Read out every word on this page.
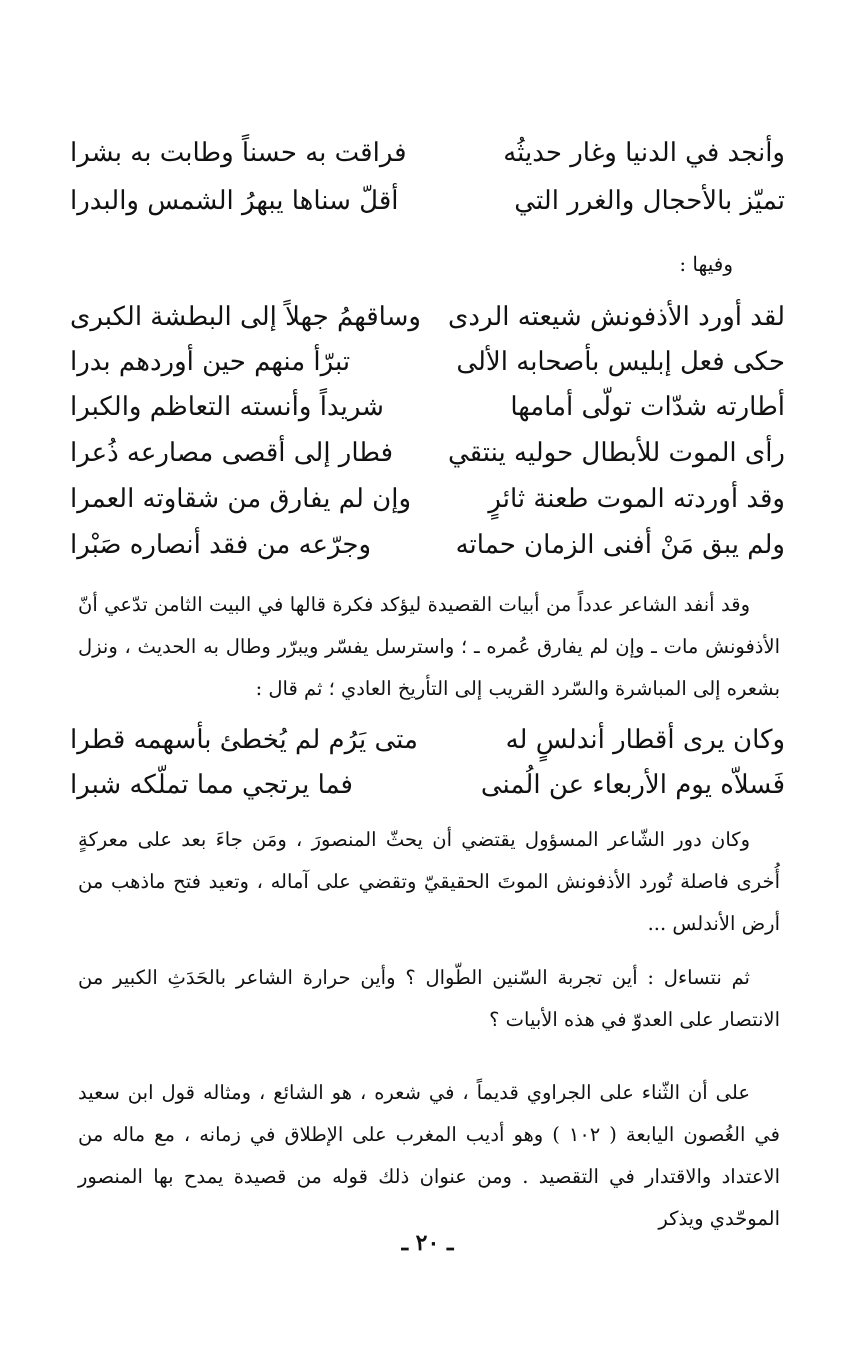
وأنجد في الدنيا وغار حديثُه
فراقت به حسناً وطابت به بشرا
تميّز بالأحجال والغرر التي
أقلّ سناها يبهرُ الشمس والبدرا
وفيها :
لقد أورد الأذفونش شيعته الردى
وساقهمُ جهلاً إلى البطشة الكبرى
حكى فعل إبليس بأصحابه الألى
تبرّأ منهم حين أوردهم بدرا
أطارته شدّات تولّى أمامها
شريداً وأنسته التعاظم والكبرا
رأى الموت للأبطال حوليه ينتقي
فطار إلى أقصى مصارعه ذُعرا
وقد أوردته الموت طعنة ثائرٍ
وإن لم يفارق من شقاوته العمرا
ولم يبق مَنْ أفنى الزمان حماته
وجرّعه من فقد أنصاره صَبْرا

وقد أنفد الشاعر عدداً من أبيات القصيدة ليؤكد فكرة قالها في البيت الثامن تدّعي أنّ الأذفونش مات ـ وإن لم يفارق عُمره ـ ؛ واسترسل يفسّر ويبرّر وطال به الحديث ، ونزل بشعره إلى المباشرة والسّرد القريب إلى التأريخ العادي ؛ ثم قال :

وكان يرى أقطار أندلسٍ له
متى يَرُم لم يُخطئ بأسهمه قطرا
فَسلاّه يوم الأربعاء عن الُمنى
فما يرتجي مما تملّكه شبرا

وكان دور الشّاعر المسؤول يقتضي أن يحثّ المنصورَ ، ومَن جاءَ بعد على معركةٍ أُخرى فاصلة تُورد الأذفونش الموتَ الحقيقيّ وتقضي على آماله ، وتعيد فتح ماذهب من أرض الأندلس ...

ثم نتساءل : أين تجربة السّنين الطّوال ؟ وأين حرارة الشاعر بالحَدَثِ الكبير من الانتصار على العدوّ في هذه الأبيات ؟

على أن الثّناء على الجراوي قديماً ، في شعره ، هو الشائع ، ومثاله قول ابن سعيد في الغُصون اليابعة ( ١٠٢ ) وهو أديب المغرب على الإطلاق في زمانه ، مع ماله من الاعتداد والاقتدار في التقصيد . ومن عنوان ذلك قوله من قصيدة يمدح بها المنصور الموحّدي ويذكر

ـ ٢٠ ـ
